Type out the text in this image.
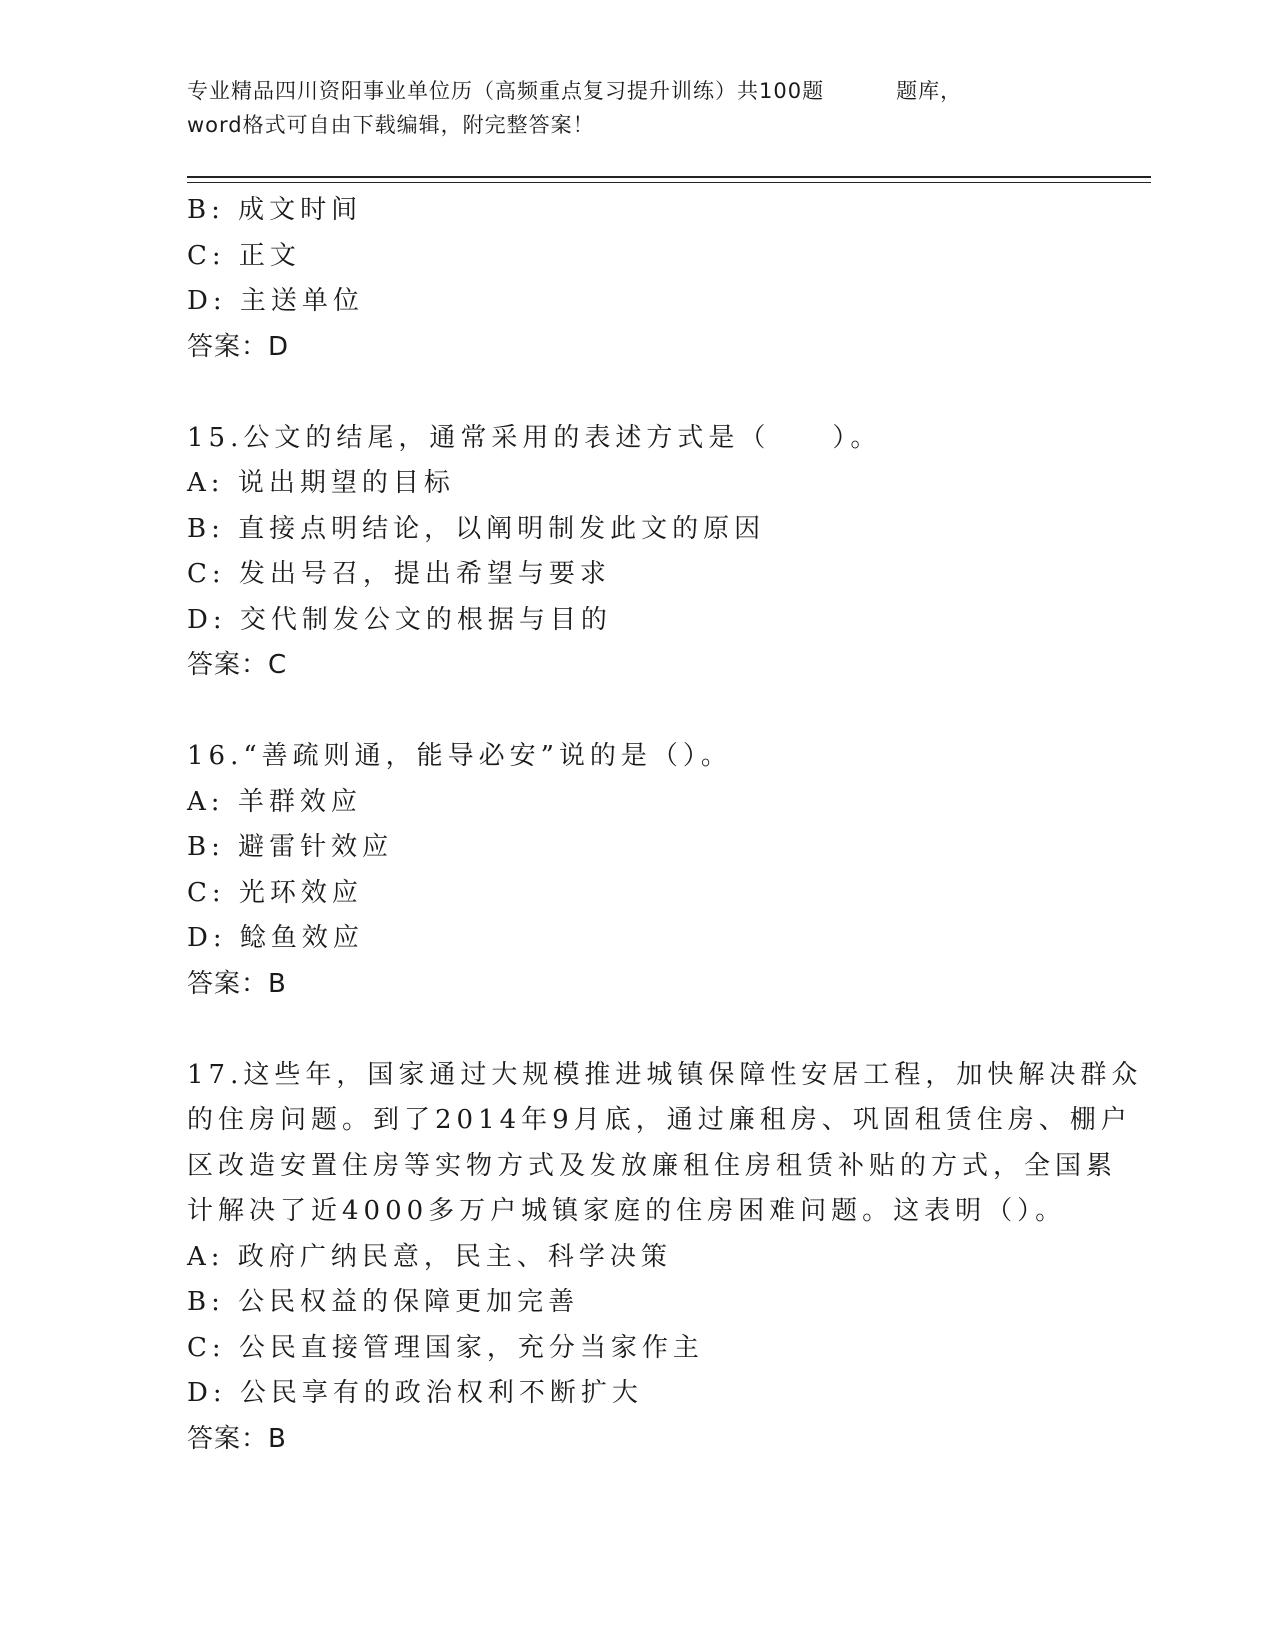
专业精品四川资阳事业单位历（高频重点复习提升训练）共100题	题库，
word格式可自由下载编辑，附完整答案！
B: 成文时间
C: 正文
D: 主送单位
答案：D
15.公文的结尾，通常采用的表述方式是（　　）。
A: 说出期望的目标
B: 直接点明结论，以阐明制发此文的原因
C: 发出号召，提出希望与要求
D: 交代制发公文的根据与目的
答案：C
16.“善疏则通，能导必安”说的是（）。
A: 羊群效应
B: 避雷针效应
C: 光环效应
D: 鲶鱼效应
答案：B
17.这些年，国家通过大规模推进城镇保障性安居工程，加快解决群众
的住房问题。到了2014年9月底，通过廉租房、巩固租赁住房、棚户
区改造安置住房等实物方式及发放廉租住房租赁补贴的方式，全国累
计解决了近4000多万户城镇家庭的住房困难问题。这表明（）。
A: 政府广纳民意，民主、科学决策
B: 公民权益的保障更加完善
C: 公民直接管理国家，充分当家作主
D: 公民享有的政治权利不断扩大
答案：B
